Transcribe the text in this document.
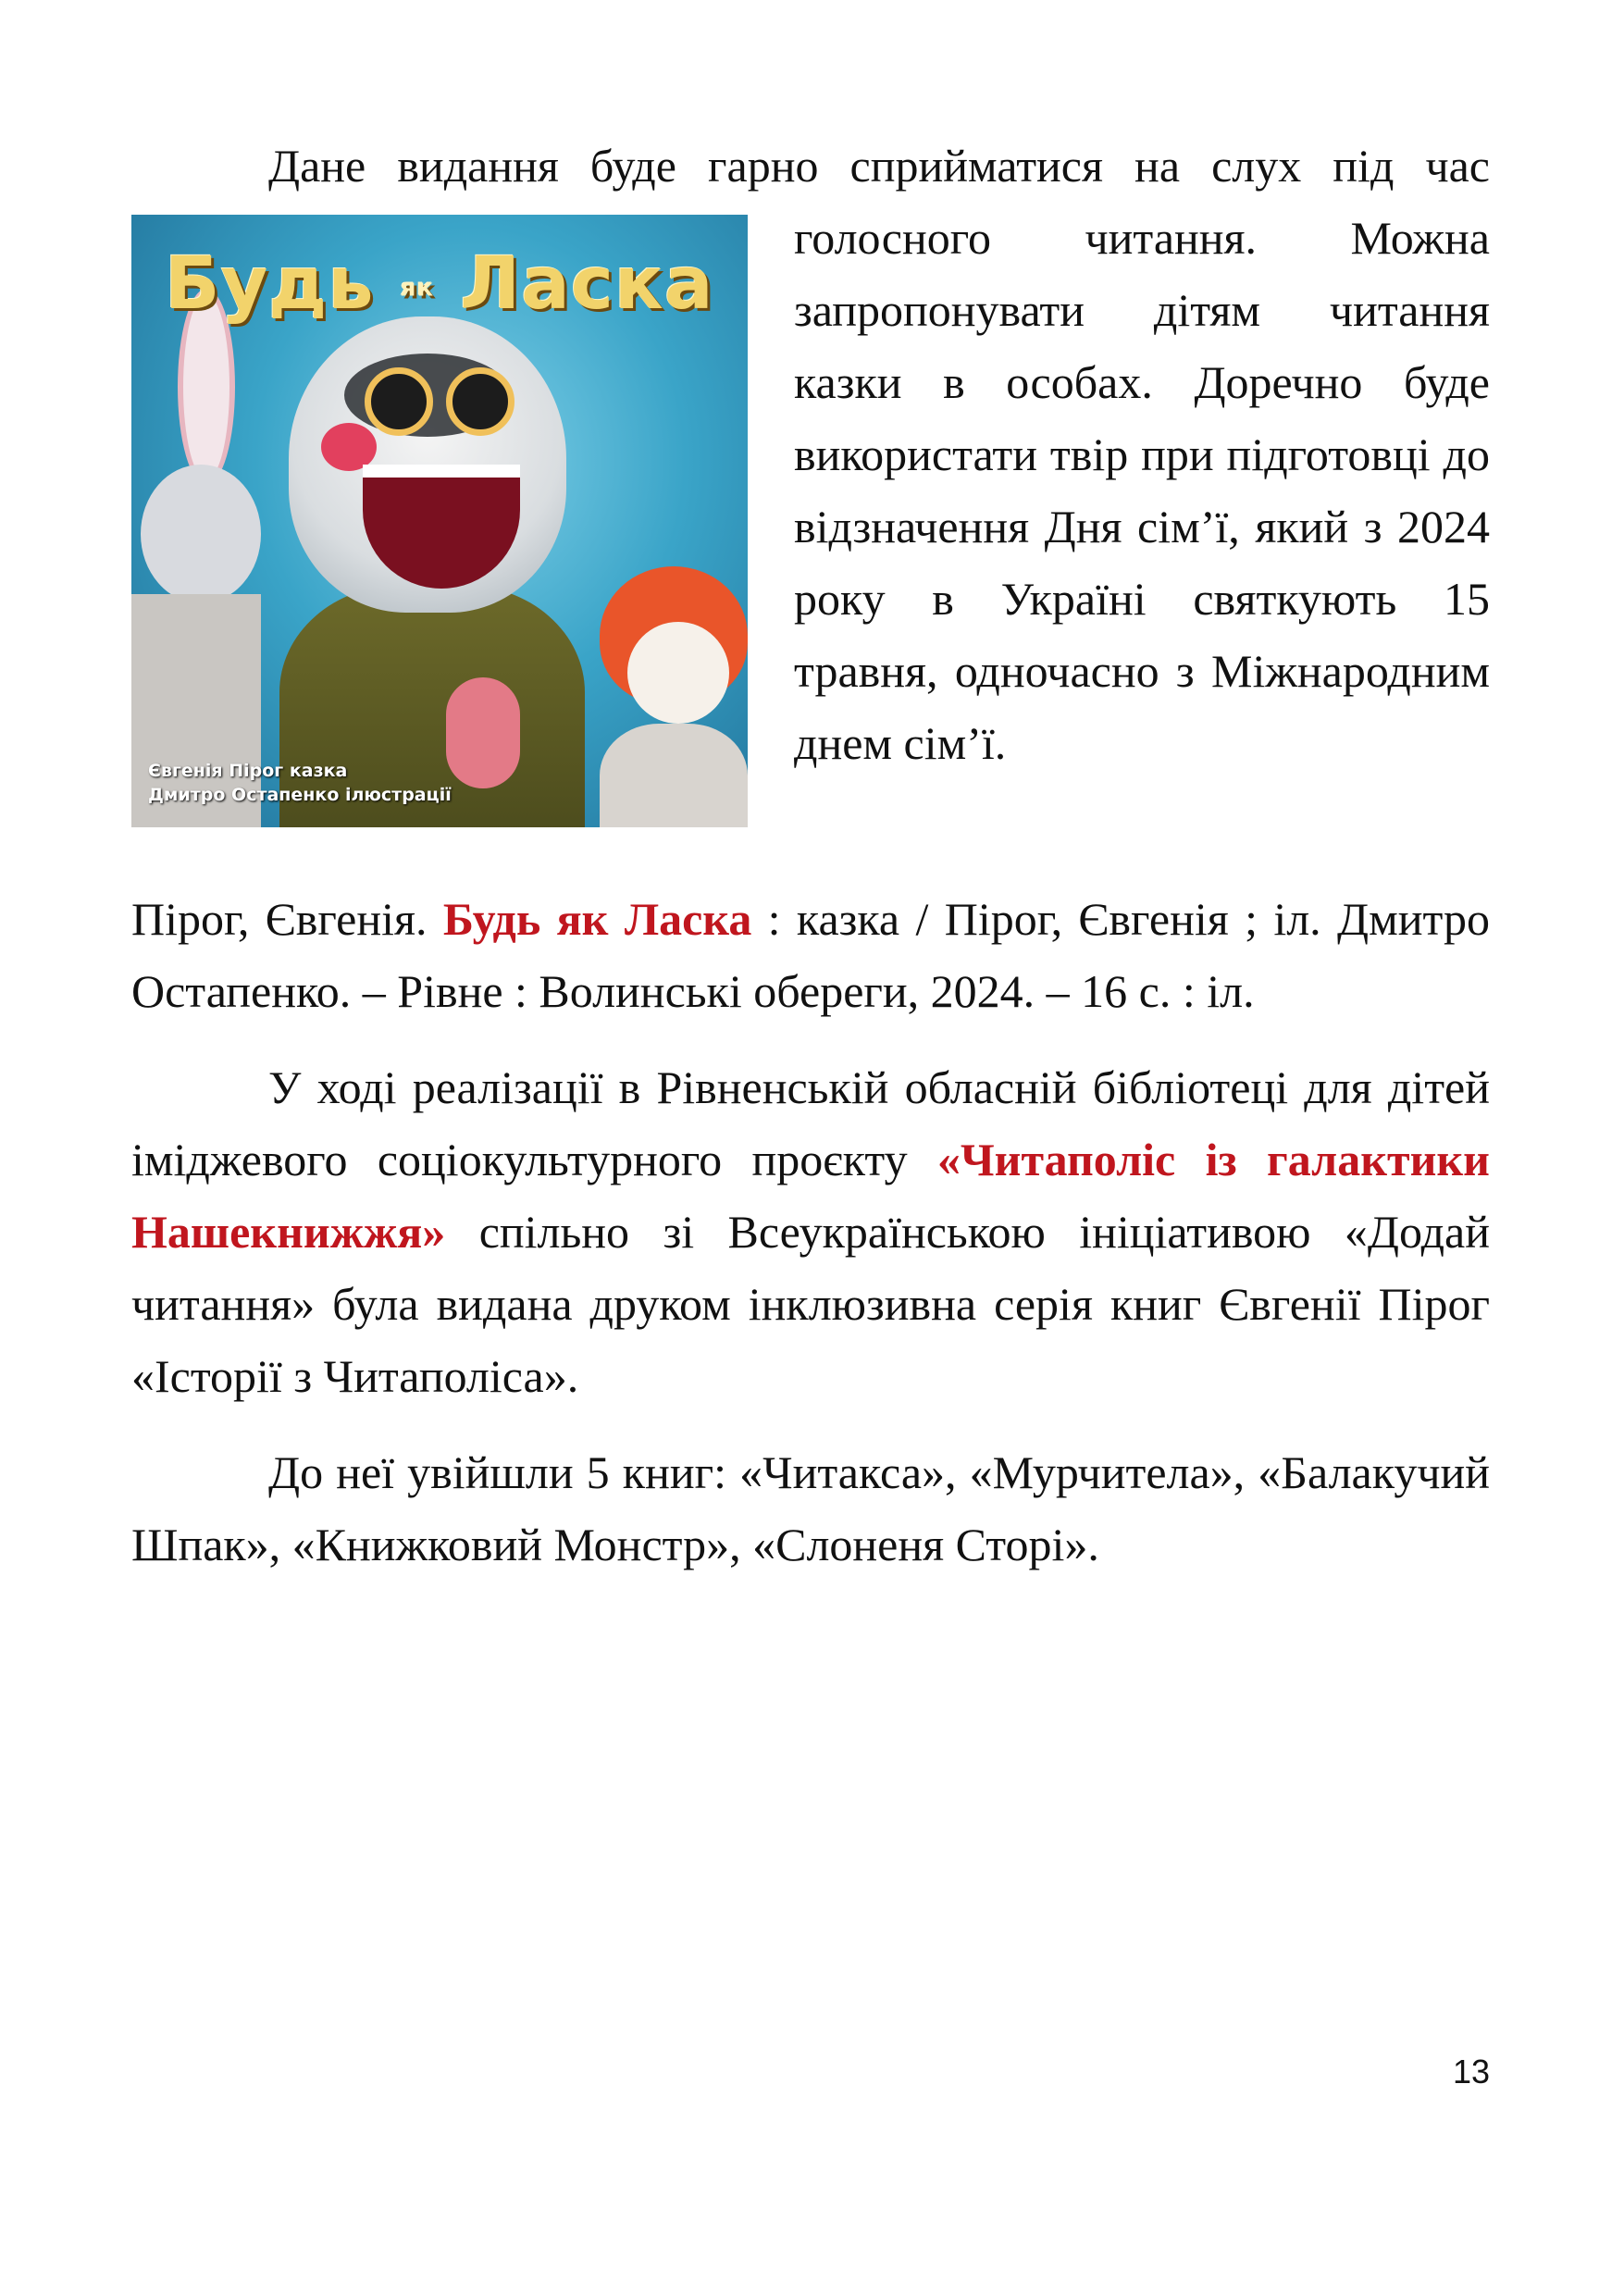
Дане видання буде гарно сприйматися на слух під час

Будь як Ласка
Євгенія Пірог казка
Дмитро Остапенко ілюстрації

голосного читання. Можна запропонувати дітям читання казки в особах. Доречно буде використати твір при підготовці до відзначення Дня сім’ї, який з 2024 року в Україні святкують 15 травня, одночасно з Міжнародним днем сім’ї.

Пірог, Євгенія. Будь як Ласка : казка / Пірог, Євгенія ; іл. Дмитро Остапенко. – Рівне : Волинські обереги, 2024. – 16 с. : іл.

У ході реалізації в Рівненській обласній бібліотеці для дітей іміджевого соціокультурного проєкту «Читаполіс із галактики Нашекнижжя» спільно зі Всеукраїнською ініціативою «Додай читання» була видана друком інклюзивна серія книг Євгенії Пірог «Історії з Читаполіса».

До неї увійшли 5 книг: «Читакса», «Мурчитела», «Балакучий Шпак», «Книжковий Монстр», «Слоненя Сторі».

13
